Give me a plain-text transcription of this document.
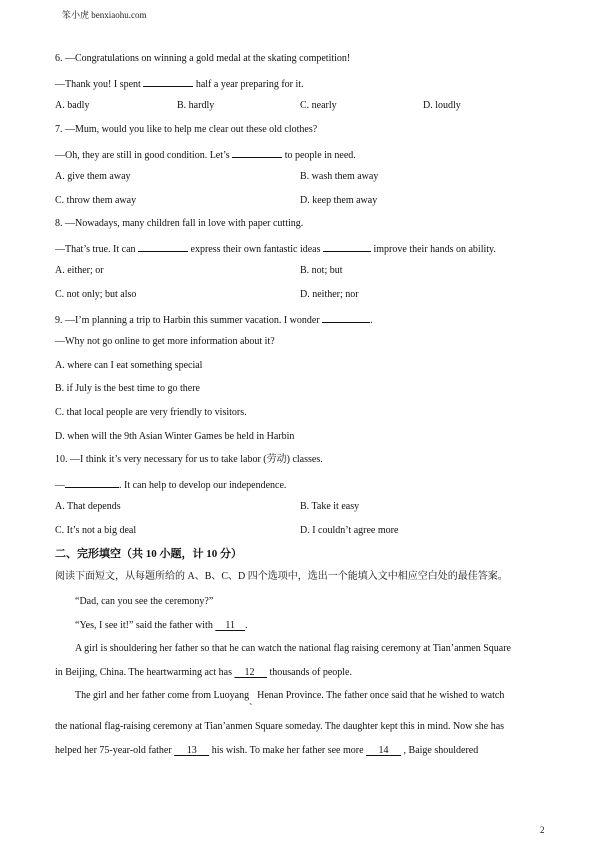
笨小虎 benxiaohu.com
6. —Congratulations on winning a gold medal at the skating competition!
—Thank you! I spent	half a year preparing for it.
A. badly	B. hardly	C. nearly	D. loudly
7. —Mum, would you like to help me clear out these old clothes?
—Oh, they are still in good condition. Let’s	to people in need.
A. give them away	B. wash them away
C. throw them away	D. keep them away
8. —Nowadays, many children fall in love with paper cutting.
—That’s true. It can	express their own fantastic ideas	improve their hands on ability.
A. either; or	B. not; but
C. not only; but also	D. neither; nor
9. —I’m planning a trip to Harbin this summer vacation. I wonder	.
—Why not go online to get more information about it?
A. where can I eat something special
B. if July is the best time to go there
C. that local people are very friendly to visitors.
D. when will the 9th Asian Winter Games be held in Harbin
10. —I think it’s very necessary for us to take labor (劳动) classes.
—	. It can help to develop our independence.
A. That depends	B. Take it easy
C. It’s not a big deal	D. I couldn’t agree more
二、完形填空（共 10 小题，计 10 分）
阅读下面短文，从每题所给的 A、B、C、D 四个选项中，选出一个能填入文中相应空白处的最佳答案。
“Dad, can you see the ceremony?”
“Yes, I see it!” said the father with 11 .
A girl is shouldering her father so that he can watch the national flag raising ceremony at Tian’anmen Square
in Beijing, China. The heartwarming act has 12 thousands of people.
The girl and her father come from Luoyang$_、$Henan Province. The father once said that he wished to watch
the national flag-raising ceremony at Tian’anmen Square someday. The daughter kept this in mind. Now she has
helped her 75-year-old father 13 his wish. To make her father see more 14 , Baige shouldered
2
